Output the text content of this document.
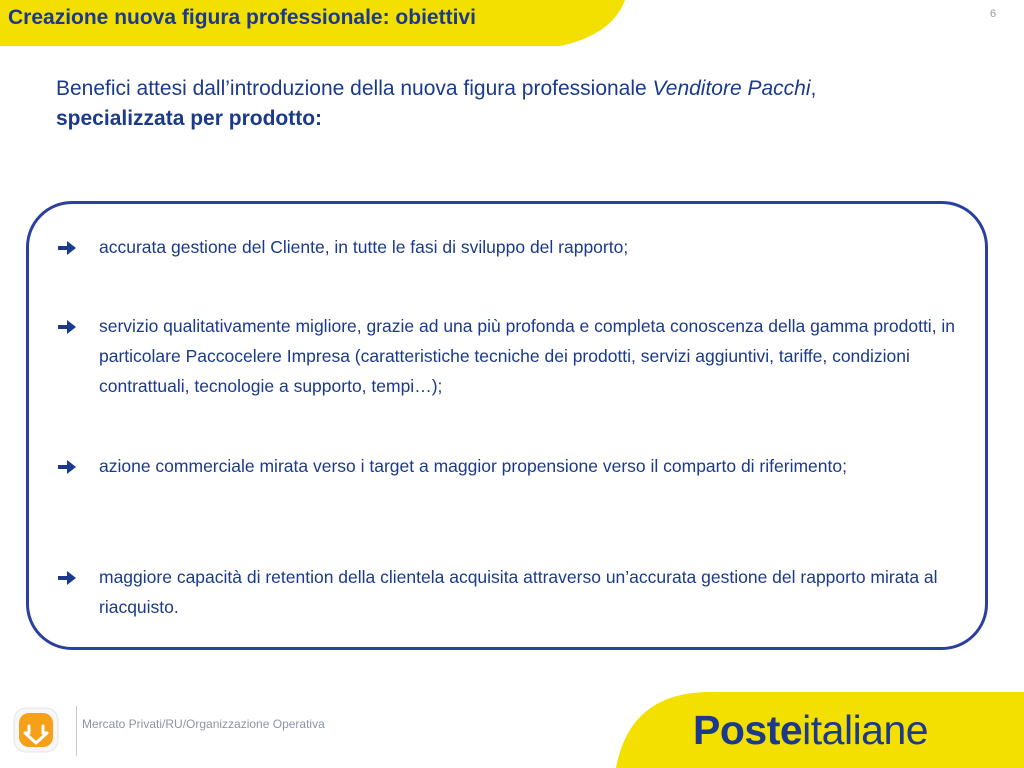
Creazione nuova figura professionale: obiettivi	6
Benefici attesi dall’introduzione della nuova figura professionale Venditore Pacchi,
specializzata per prodotto:
accurata gestione del Cliente, in tutte le fasi di sviluppo del rapporto;
servizio qualitativamente migliore, grazie ad una più profonda e completa conoscenza della gamma prodotti, in particolare Paccocelere Impresa (caratteristiche tecniche dei prodotti, servizi aggiuntivi, tariffe, condizioni contrattuali, tecnologie a supporto, tempi…);
azione commerciale mirata verso i target a maggior propensione verso il comparto di riferimento;
maggiore capacità di retention della clientela acquisita attraverso un’accurata gestione del rapporto mirata al riacquisto.
Mercato Privati/RU/Organizzazione Operativa	Posteitaliane
